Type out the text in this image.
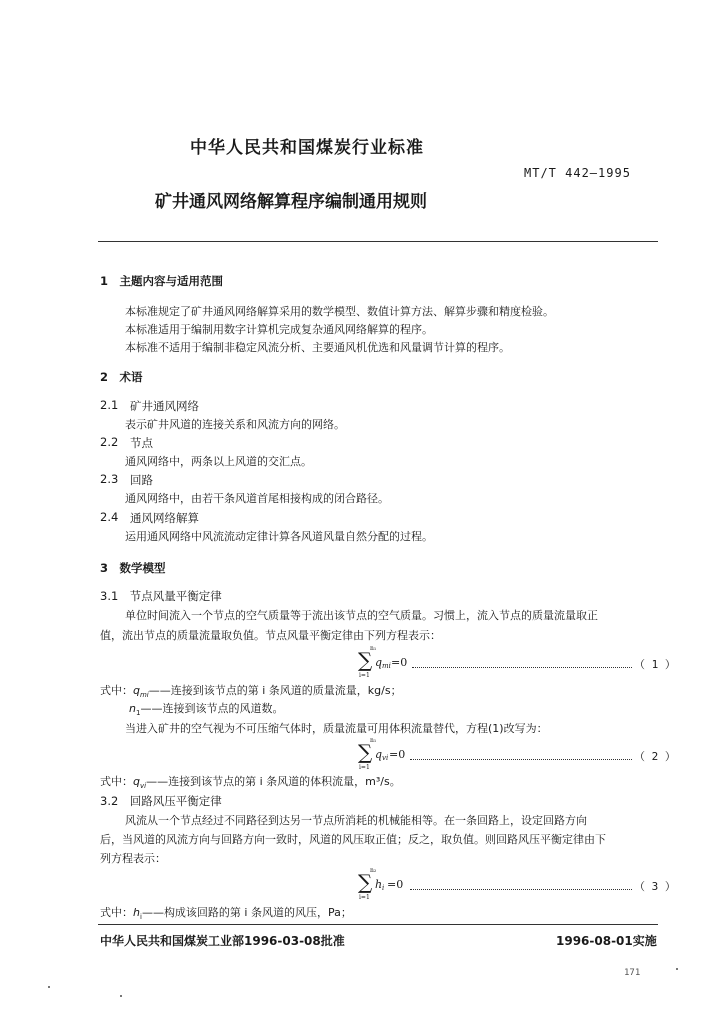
中华人民共和国煤炭行业标准
MT/T 442—1995
矿井通风网络解算程序编制通用规则
1　主题内容与适用范围
本标准规定了矿井通风网络解算采用的数学模型、数值计算方法、解算步骤和精度检验。
本标准适用于编制用数字计算机完成复杂通风网络解算的程序。
本标准不适用于编制非稳定风流分析、主要通风机优选和风量调节计算的程序。
2　术语
2.1 矿井通风网络
表示矿井风道的连接关系和风流方向的网络。
2.2 节点
通风网络中，两条以上风道的交汇点。
2.3 回路
通风网络中，由若干条风道首尾相接构成的闭合路径。
2.4 通风网络解算
运用通风网络中风流流动定律计算各风道风量自然分配的过程。
3　数学模型
3.1　节点风量平衡定律
单位时间流入一个节点的空气质量等于流出该节点的空气质量。习惯上，流入节点的质量流量取正
值，流出节点的质量流量取负值。节点风量平衡定律由下列方程表示：
n₁
∑
i=1
q mi =0	（ 1 ）
式中：$q_{mi}——$连接到该节点的第 i 条风道的质量流量，kg/s；
$n_1——$连接到该节点的风道数。
当进入矿井的空气视为不可压缩气体时，质量流量可用体积流量替代，方程(1)改写为：
n₁
∑
i=1
q vi =0	（ 2 ）
式中：$q_{vi}——$连接到该节点的第 i 条风道的体积流量，m³/s。
3.2　回路风压平衡定律
风流从一个节点经过不同路径到达另一节点所消耗的机械能相等。在一条回路上，设定回路方向
后，当风道的风流方向与回路方向一致时，风道的风压取正值；反之，取负值。则回路风压平衡定律由下
列方程表示：
n₂
∑
i=1
h i =0	（ 3 ）
式中：$h_i——$构成该回路的第 i 条风道的风压，Pa；
中华人民共和国煤炭工业部1996-03-08批准	1996-08-01实施
171
